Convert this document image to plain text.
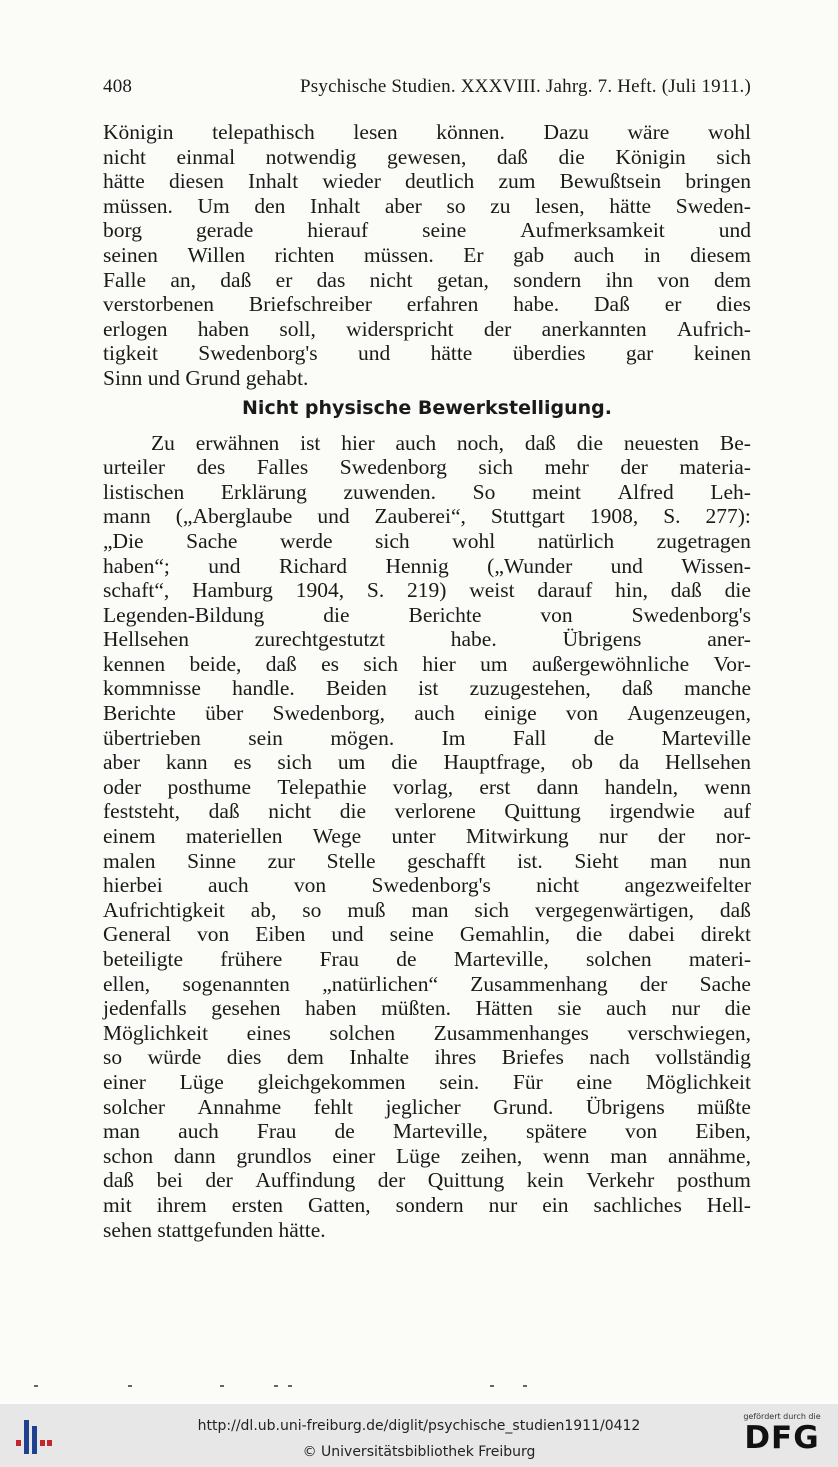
408	Psychische Studien. XXXVIII. Jahrg. 7. Heft. (Juli 1911.)
Königin telepathisch lesen können. Dazu wäre wohl
nicht einmal notwendig gewesen, daß die Königin sich
hätte diesen Inhalt wieder deutlich zum Bewußtsein bringen
müssen. Um den Inhalt aber so zu lesen, hätte Sweden-
borg	gerade	hierauf	seine	Aufmerksamkeit	und
seinen Willen richten müssen. Er gab auch in diesem
Falle an, daß er das nicht getan, sondern ihn von dem
verstorbenen Briefschreiber erfahren habe. Daß er dies
erlogen haben soll, widerspricht der anerkannten Aufrich-
tigkeit Swedenborg's und hätte überdies gar keinen
Sinn und Grund gehabt.
Nicht physische Bewerkstelligung.
Zu erwähnen ist hier auch noch, daß die neuesten Be-
urteiler des Falles Swedenborg sich mehr der materia-
listischen Erklärung zuwenden. So meint Alfred Leh-
mann („Aberglaube und Zauberei“, Stuttgart 1908, S. 277):
„Die Sache werde sich wohl natürlich zugetragen
haben“; und Richard Hennig („Wunder und Wissen-
schaft“, Hamburg 1904, S. 219) weist darauf hin, daß die
Legenden-Bildung	die	Berichte	von	Swedenborg's
Hellsehen	zurechtgestutzt	habe.	Übrigens	aner-
kennen beide, daß es sich hier um außergewöhnliche Vor-
kommnisse handle. Beiden ist zuzugestehen, daß manche
Berichte über Swedenborg, auch einige von Augenzeugen,
übertrieben sein mögen. Im Fall de Marteville
aber kann es sich um die Hauptfrage, ob da Hellsehen
oder posthume Telepathie vorlag, erst dann handeln, wenn
feststeht, daß nicht die verlorene Quittung irgendwie auf
einem materiellen Wege unter Mitwirkung nur der nor-
malen Sinne zur Stelle geschafft ist. Sieht man nun
hierbei auch von Swedenborg's nicht angezweifelter
Aufrichtigkeit ab, so muß man sich vergegenwärtigen, daß
General von Eiben und seine Gemahlin, die dabei direkt
beteiligte frühere Frau de Marteville, solchen materi-
ellen, sogenannten „natürlichen“ Zusammenhang der Sache
jedenfalls gesehen haben müßten. Hätten sie auch nur die
Möglichkeit eines solchen Zusammenhanges verschwiegen,
so würde dies dem Inhalte ihres Briefes nach vollständig
einer Lüge gleichgekommen sein. Für eine Möglichkeit
solcher Annahme fehlt jeglicher Grund. Übrigens müßte
man auch Frau de Marteville, spätere von Eiben,
schon dann grundlos einer Lüge zeihen, wenn man annähme,
daß bei der Auffindung der Quittung kein Verkehr posthum
mit ihrem ersten Gatten, sondern nur ein sachliches Hell-
sehen stattgefunden hätte.
http://dl.ub.uni-freiburg.de/diglit/psychische_studien1911/0412
© Universitätsbibliothek Freiburg
gefördert durch die
DFG
